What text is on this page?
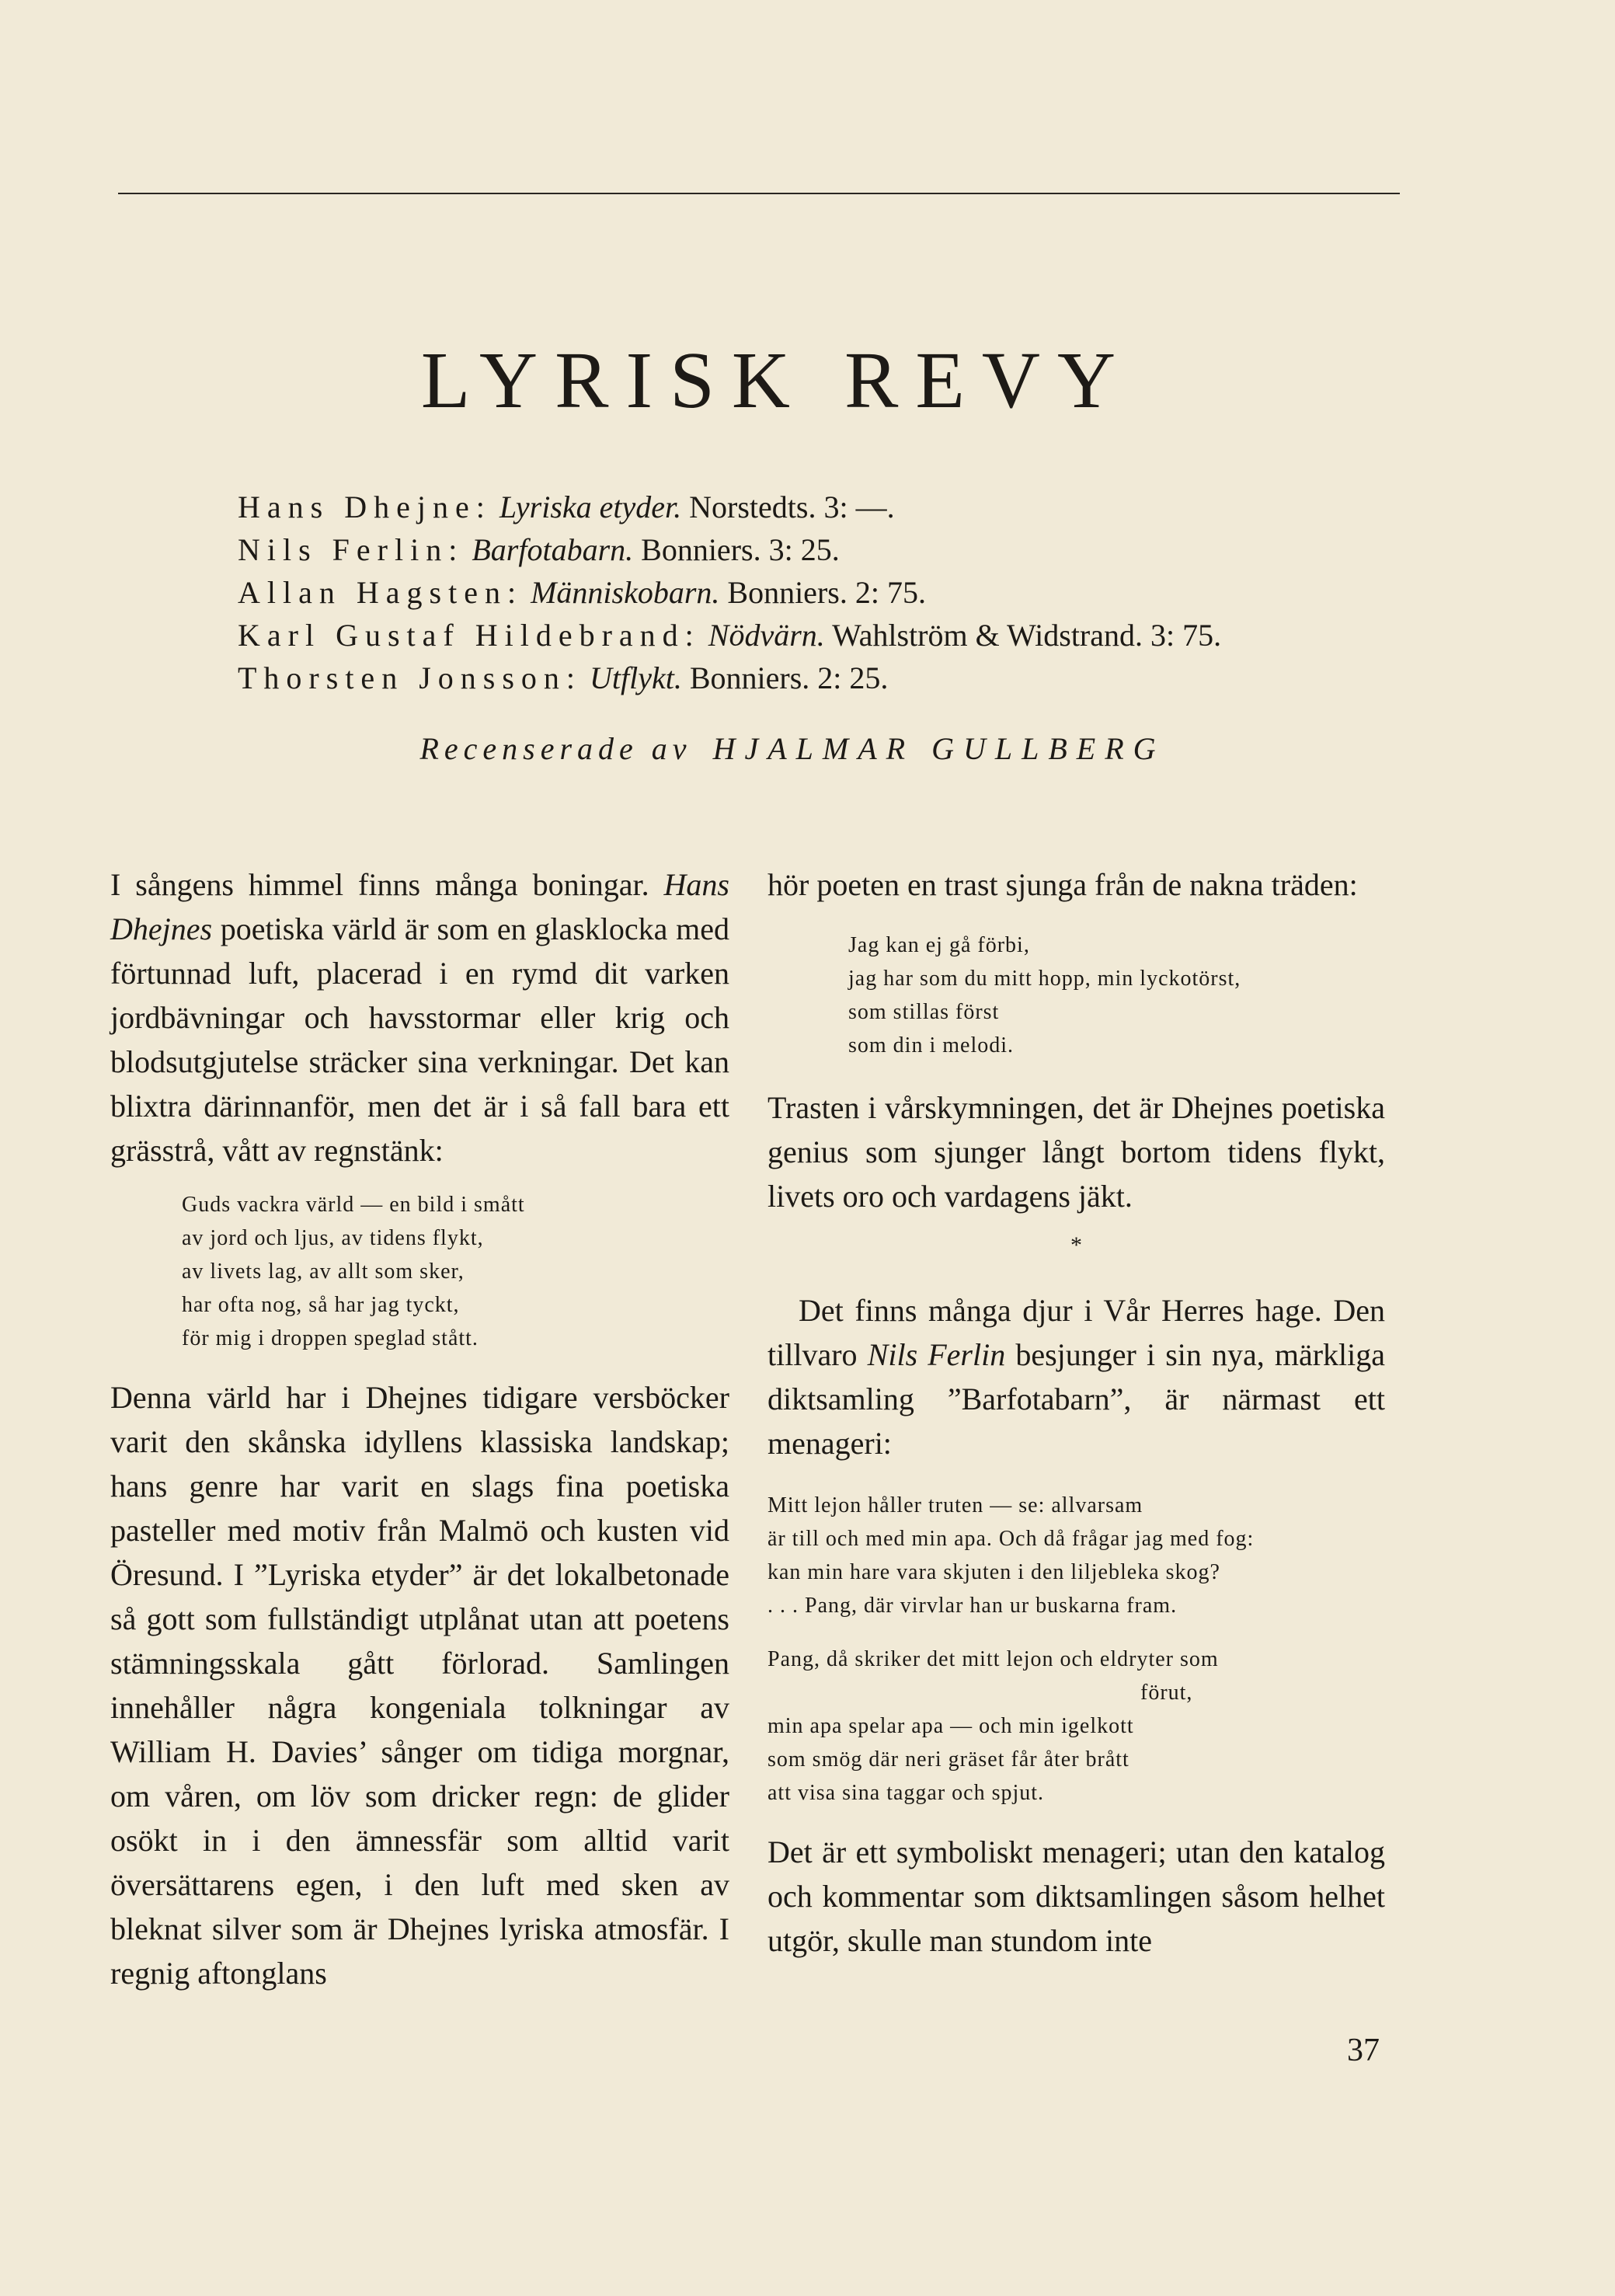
LYRISK REVY
Hans Dhejne: Lyriska etyder. Norstedts. 3: —.
Nils Ferlin: Barfotabarn. Bonniers. 3: 25.
Allan Hagsten: Människobarn. Bonniers. 2: 75.
Karl Gustaf Hildebrand: Nödvärn. Wahlström & Widstrand. 3: 75.
Thorsten Jonsson: Utflykt. Bonniers. 2: 25.
Recenserade av HJALMAR GULLBERG

I sångens himmel finns många boningar. Hans Dhejnes poetiska värld är som en glasklocka med förtunnad luft, placerad i en rymd dit varken jordbävningar och havsstormar eller krig och blodsutgjutelse sträcker sina verkningar. Det kan blixtra därinnanför, men det är i så fall bara ett grässtrå, vått av regnstänk:

Guds vackra värld — en bild i smått
av jord och ljus, av tidens flykt,
av livets lag, av allt som sker,
har ofta nog, så har jag tyckt,
för mig i droppen speglad stått.

Denna värld har i Dhejnes tidigare versböcker varit den skånska idyllens klassiska landskap; hans genre har varit en slags fina poetiska pasteller med motiv från Malmö och kusten vid Öresund. I ”Lyriska etyder” är det lokalbetonade så gott som fullständigt utplånat utan att poetens stämningsskala gått förlorad. Samlingen innehåller några kongeniala tolkningar av William H. Davies’ sånger om tidiga morgnar, om våren, om löv som dricker regn: de glider osökt in i den ämnessfär som alltid varit översättarens egen, i den luft med sken av bleknat silver som är Dhejnes lyriska atmosfär. I regnig aftonglans

hör poeten en trast sjunga från de nakna träden:

Jag kan ej gå förbi,
jag har som du mitt hopp, min lyckotörst,
som stillas först
som din i melodi.

Trasten i vårskymningen, det är Dhejnes poetiska genius som sjunger långt bortom tidens flykt, livets oro och vardagens jäkt.

*

Det finns många djur i Vår Herres hage. Den tillvaro Nils Ferlin besjunger i sin nya, märkliga diktsamling ”Barfotabarn”, är närmast ett menageri:

Mitt lejon håller truten — se: allvarsam
är till och med min apa. Och då frågar jag med fog:
kan min hare vara skjuten i den liljebleka skog?
. . . Pang, där virvlar han ur buskarna fram.
Pang, då skriker det mitt lejon och eldryter som
förut,
min apa spelar apa — och min igelkott
som smög där neri gräset får åter brått
att visa sina taggar och spjut.

Det är ett symboliskt menageri; utan den katalog och kommentar som diktsamlingen såsom helhet utgör, skulle man stundom inte

37
